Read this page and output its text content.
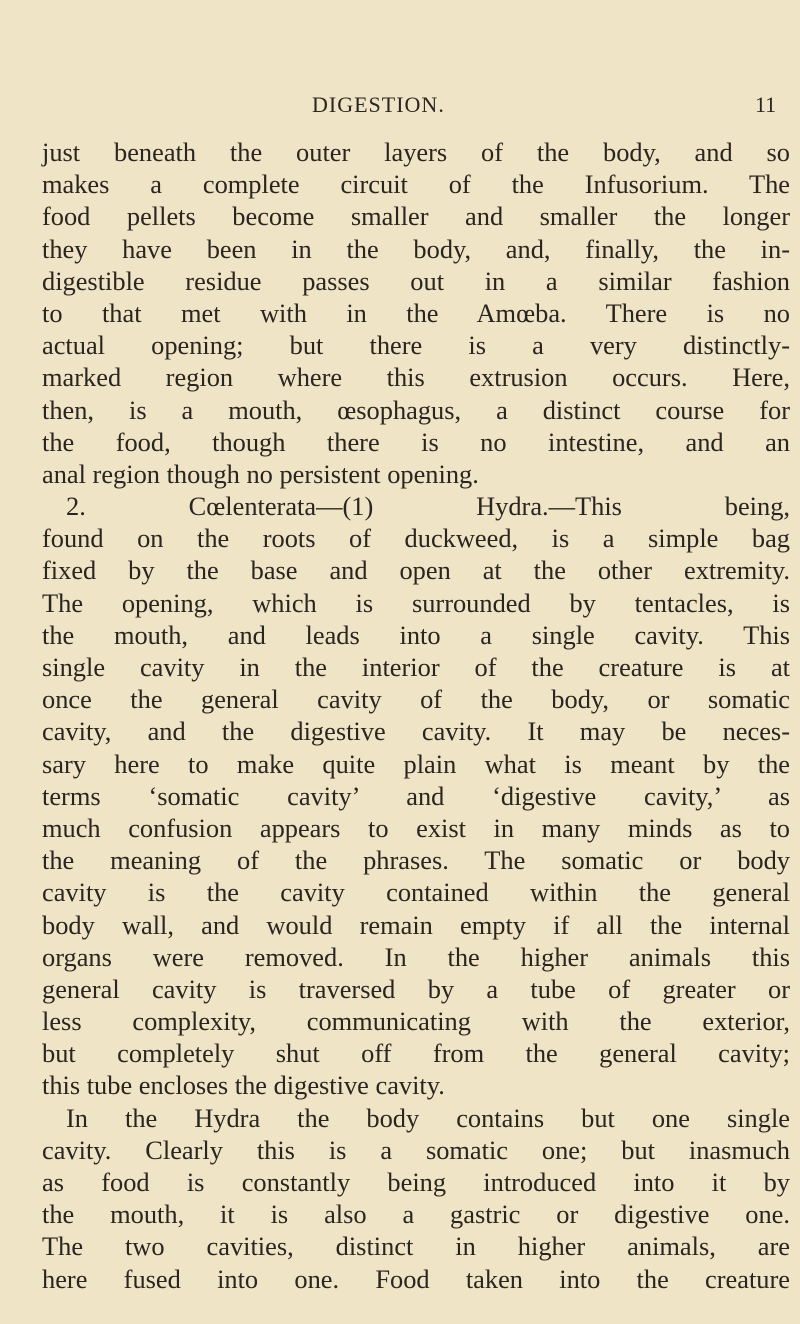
DIGESTION.	11
just beneath the outer layers of the body, and so
makes a complete circuit of the Infusorium. The
food pellets become smaller and smaller the longer
they have been in the body, and, finally, the in-
digestible residue passes out in a similar fashion
to that met with in the Amœba. There is no
actual opening; but there is a very distinctly-
marked region where this extrusion occurs. Here,
then, is a mouth, œsophagus, a distinct course for
the food, though there is no intestine, and an
anal region though no persistent opening.
2. Cœlenterata—(1) Hydra.—This being,
found on the roots of duckweed, is a simple bag
fixed by the base and open at the other extremity.
The opening, which is surrounded by tentacles, is
the mouth, and leads into a single cavity. This
single cavity in the interior of the creature is at
once the general cavity of the body, or somatic
cavity, and the digestive cavity. It may be neces-
sary here to make quite plain what is meant by the
terms ‘somatic cavity’ and ‘digestive cavity,’ as
much confusion appears to exist in many minds as to
the meaning of the phrases. The somatic or body
cavity is the cavity contained within the general
body wall, and would remain empty if all the internal
organs were removed. In the higher animals this
general cavity is traversed by a tube of greater or
less complexity, communicating with the exterior,
but completely shut off from the general cavity;
this tube encloses the digestive cavity.
In the Hydra the body contains but one single
cavity. Clearly this is a somatic one; but inasmuch
as food is constantly being introduced into it by
the mouth, it is also a gastric or digestive one.
The two cavities, distinct in higher animals, are
here fused into one. Food taken into the creature
